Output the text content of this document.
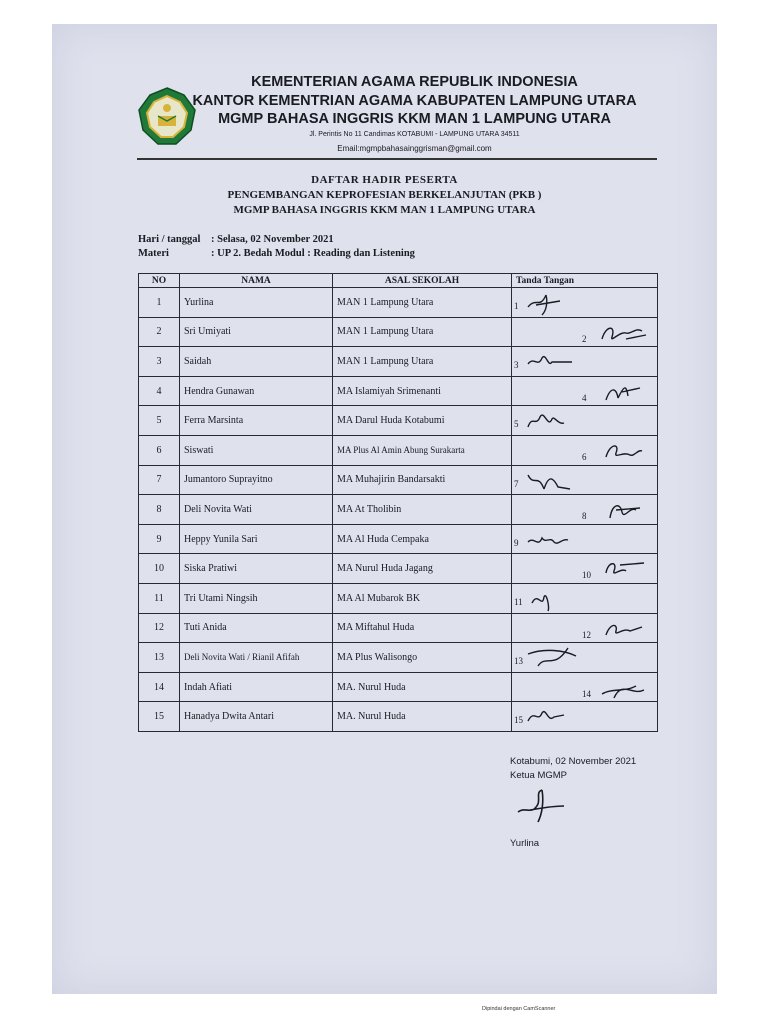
KEMENTERIAN AGAMA REPUBLIK INDONESIA
KANTOR KEMENTRIAN AGAMA KABUPATEN LAMPUNG UTARA
MGMP BAHASA INGGRIS KKM MAN 1 LAMPUNG UTARA
Jl. Perintis No 11 Candimas KOTABUMI - LAMPUNG UTARA 34511
Email:mgmpbahasainggrisman@gmail.com
DAFTAR HADIR PESERTA
PENGEMBANGAN KEPROFESIAN BERKELANJUTAN (PKB )
MGMP BAHASA INGGRIS KKM MAN 1 LAMPUNG UTARA
Hari / tanggal : Selasa, 02 November 2021
Materi	: UP 2. Bedah Modul : Reading dan Listening
NO	NAMA	ASAL SEKOLAH	Tanda Tangan
1	Yurlina	MAN 1 Lampung Utara	1

2	Sri Umiyati	MAN 1 Lampung Utara	2

3	Saidah	MAN 1 Lampung Utara	3

4	Hendra Gunawan	MA Islamiyah Srimenanti	4

5	Ferra Marsinta	MA Darul Huda Kotabumi	5

6	Siswati	MA Plus Al Amin Abung Surakarta	6

7	Jumantoro Suprayitno	MA Muhajirin Bandarsakti	7

8	Deli Novita Wati	MA At Tholibin	8

9	Heppy Yunila Sari	MA Al Huda Cempaka	9

10	Siska Pratiwi	MA Nurul Huda Jagang	10

11	Tri Utami Ningsih	MA Al Mubarok BK	11

12	Tuti Anida	MA Miftahul Huda	12

13	Deli Novita Wati / Rianil Afifah	MA Plus Walisongo	13

14	Indah Afiati	MA. Nurul Huda	14

15	Hanadya Dwita Antari	MA. Nurul Huda	15
Kotabumi, 02 November 2021
Ketua MGMP
Yurlina
Dipindai dengan CamScanner
